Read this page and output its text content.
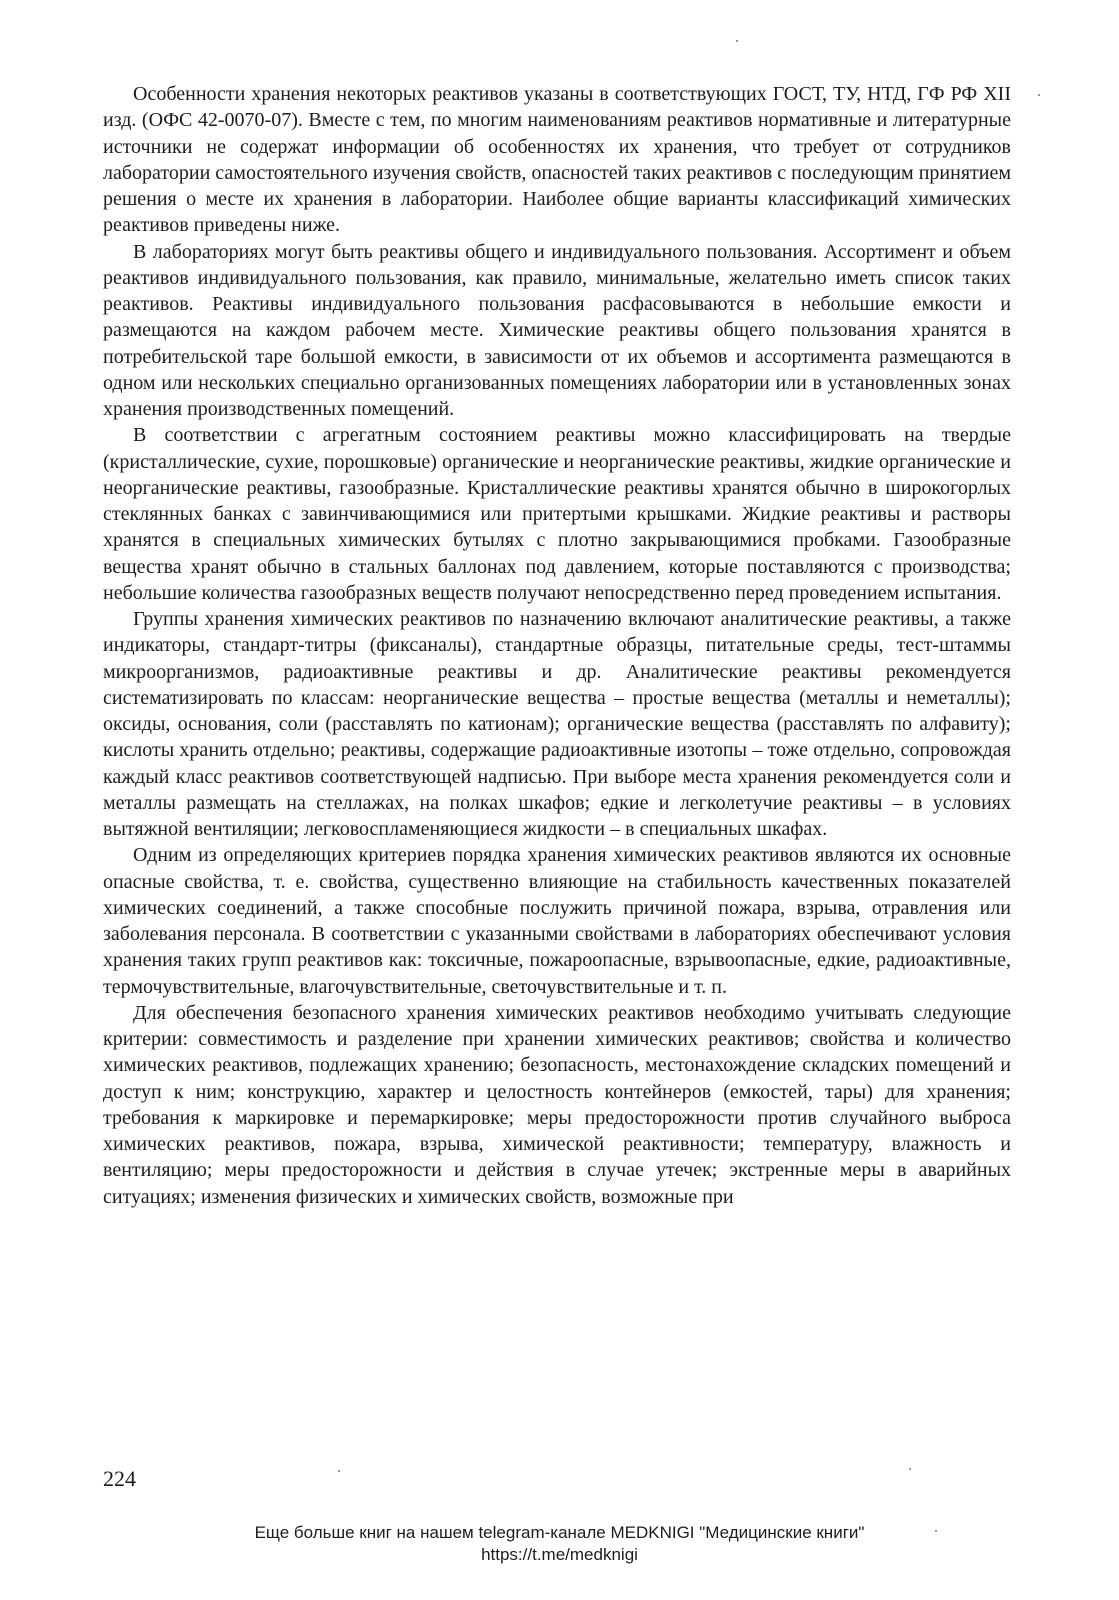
Особенности хранения некоторых реактивов указаны в соответствующих ГОСТ, ТУ, НТД, ГФ РФ XII изд. (ОФС 42-0070-07). Вместе с тем, по многим наименованиям реактивов нормативные и литературные источники не содержат информации об особенностях их хранения, что требует от сотрудников лаборатории самостоятельного изучения свойств, опасностей таких реактивов с последующим принятием решения о месте их хранения в лаборатории. Наиболее общие варианты классификаций химических реактивов приведены ниже.

В лабораториях могут быть реактивы общего и индивидуального пользования. Ассортимент и объем реактивов индивидуального пользования, как правило, минимальные, желательно иметь список таких реактивов. Реактивы индивидуального пользования расфасовываются в небольшие емкости и размещаются на каждом рабочем месте. Химические реактивы общего пользования хранятся в потребительской таре большой емкости, в зависимости от их объемов и ассортимента размещаются в одном или нескольких специально организованных помещениях лаборатории или в установленных зонах хранения производственных помещений.

В соответствии с агрегатным состоянием реактивы можно классифицировать на твердые (кристаллические, сухие, порошковые) органические и неорганические реактивы, жидкие органические и неорганические реактивы, газообразные. Кристаллические реактивы хранятся обычно в широкогорлых стеклянных банках с завинчивающимися или притертыми крышками. Жидкие реактивы и растворы хранятся в специальных химических бутылях с плотно закрывающимися пробками. Газообразные вещества хранят обычно в стальных баллонах под давлением, которые поставляются с производства; небольшие количества газообразных веществ получают непосредственно перед проведением испытания.

Группы хранения химических реактивов по назначению включают аналитические реактивы, а также индикаторы, стандарт-титры (фиксаналы), стандартные образцы, питательные среды, тест-штаммы микроорганизмов, радиоактивные реактивы и др. Аналитические реактивы рекомендуется систематизировать по классам: неорганические вещества – простые вещества (металлы и неметаллы); оксиды, основания, соли (расставлять по катионам); органические вещества (расставлять по алфавиту); кислоты хранить отдельно; реактивы, содержащие радиоактивные изотопы – тоже отдельно, сопровождая каждый класс реактивов соответствующей надписью. При выборе места хранения рекомендуется соли и металлы размещать на стеллажах, на полках шкафов; едкие и легколетучие реактивы – в условиях вытяжной вентиляции; легковоспламеняющиеся жидкости – в специальных шкафах.

Одним из определяющих критериев порядка хранения химических реактивов являются их основные опасные свойства, т. е. свойства, существенно влияющие на стабильность качественных показателей химических соединений, а также способные послужить причиной пожара, взрыва, отравления или заболевания персонала. В соответствии с указанными свойствами в лабораториях обеспечивают условия хранения таких групп реактивов как: токсичные, пожароопасные, взрывоопасные, едкие, радиоактивные, термочувствительные, влагочувствительные, светочувствительные и т. п.

Для обеспечения безопасного хранения химических реактивов необходимо учитывать следующие критерии: совместимость и разделение при хранении химических реактивов; свойства и количество химических реактивов, подлежащих хранению; безопасность, местонахождение складских помещений и доступ к ним; конструкцию, характер и целостность контейнеров (емкостей, тары) для хранения; требования к маркировке и перемаркировке; меры предосторожности против случайного выброса химических реактивов, пожара, взрыва, химической реактивности; температуру, влажность и вентиляцию; меры предосторожности и действия в случае утечек; экстренные меры в аварийных ситуациях; изменения физических и химических свойств, возможные при

224
Еще больше книг на нашем telegram-канале MEDKNIGI "Медицинские книги"
https://t.me/medknigi
